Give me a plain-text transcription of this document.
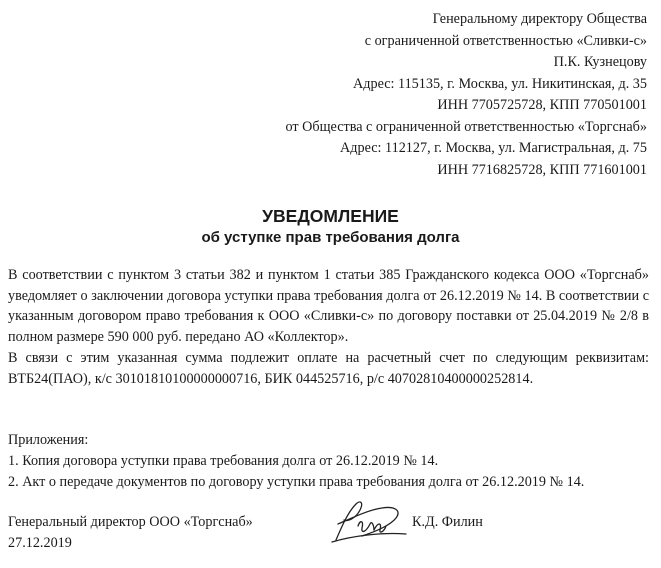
Генеральному директору Общества
с ограниченной ответственностью «Сливки-с»
П.К. Кузнецову
Адрес: 115135, г. Москва, ул. Никитинская, д. 35
ИНН 7705725728, КПП 770501001
от Общества с ограниченной ответственностью «Торгснаб»
Адрес: 112127, г. Москва, ул. Магистральная, д. 75
ИНН 7716825728, КПП 771601001
УВЕДОМЛЕНИЕ
об уступке прав требования долга

В соответствии с пунктом 3 статьи 382 и пунктом 1 статьи 385 Гражданского кодекса ООО «Торгснаб» уведомляет о заключении договора уступки права требования долга от 26.12.2019 № 14. В соответствии с указанным договором право требования к ООО «Сливки-с» по договору поставки от 25.04.2019 № 2/8 в полном размере 590 000 руб. передано АО «Коллектор».

В связи с этим указанная сумма подлежит оплате на расчетный счет по следующим реквизитам: ВТБ24(ПАО), к/с 30101810100000000716, БИК 044525716, р/с 40702810400000252814.

Приложения:
1. Копия договора уступки права требования долга от 26.12.2019 № 14.
2. Акт о передаче документов по договору уступки права требования долга от 26.12.2019 № 14.
Генеральный директор ООО «Торгснаб»	К.Д. Филин
27.12.2019
